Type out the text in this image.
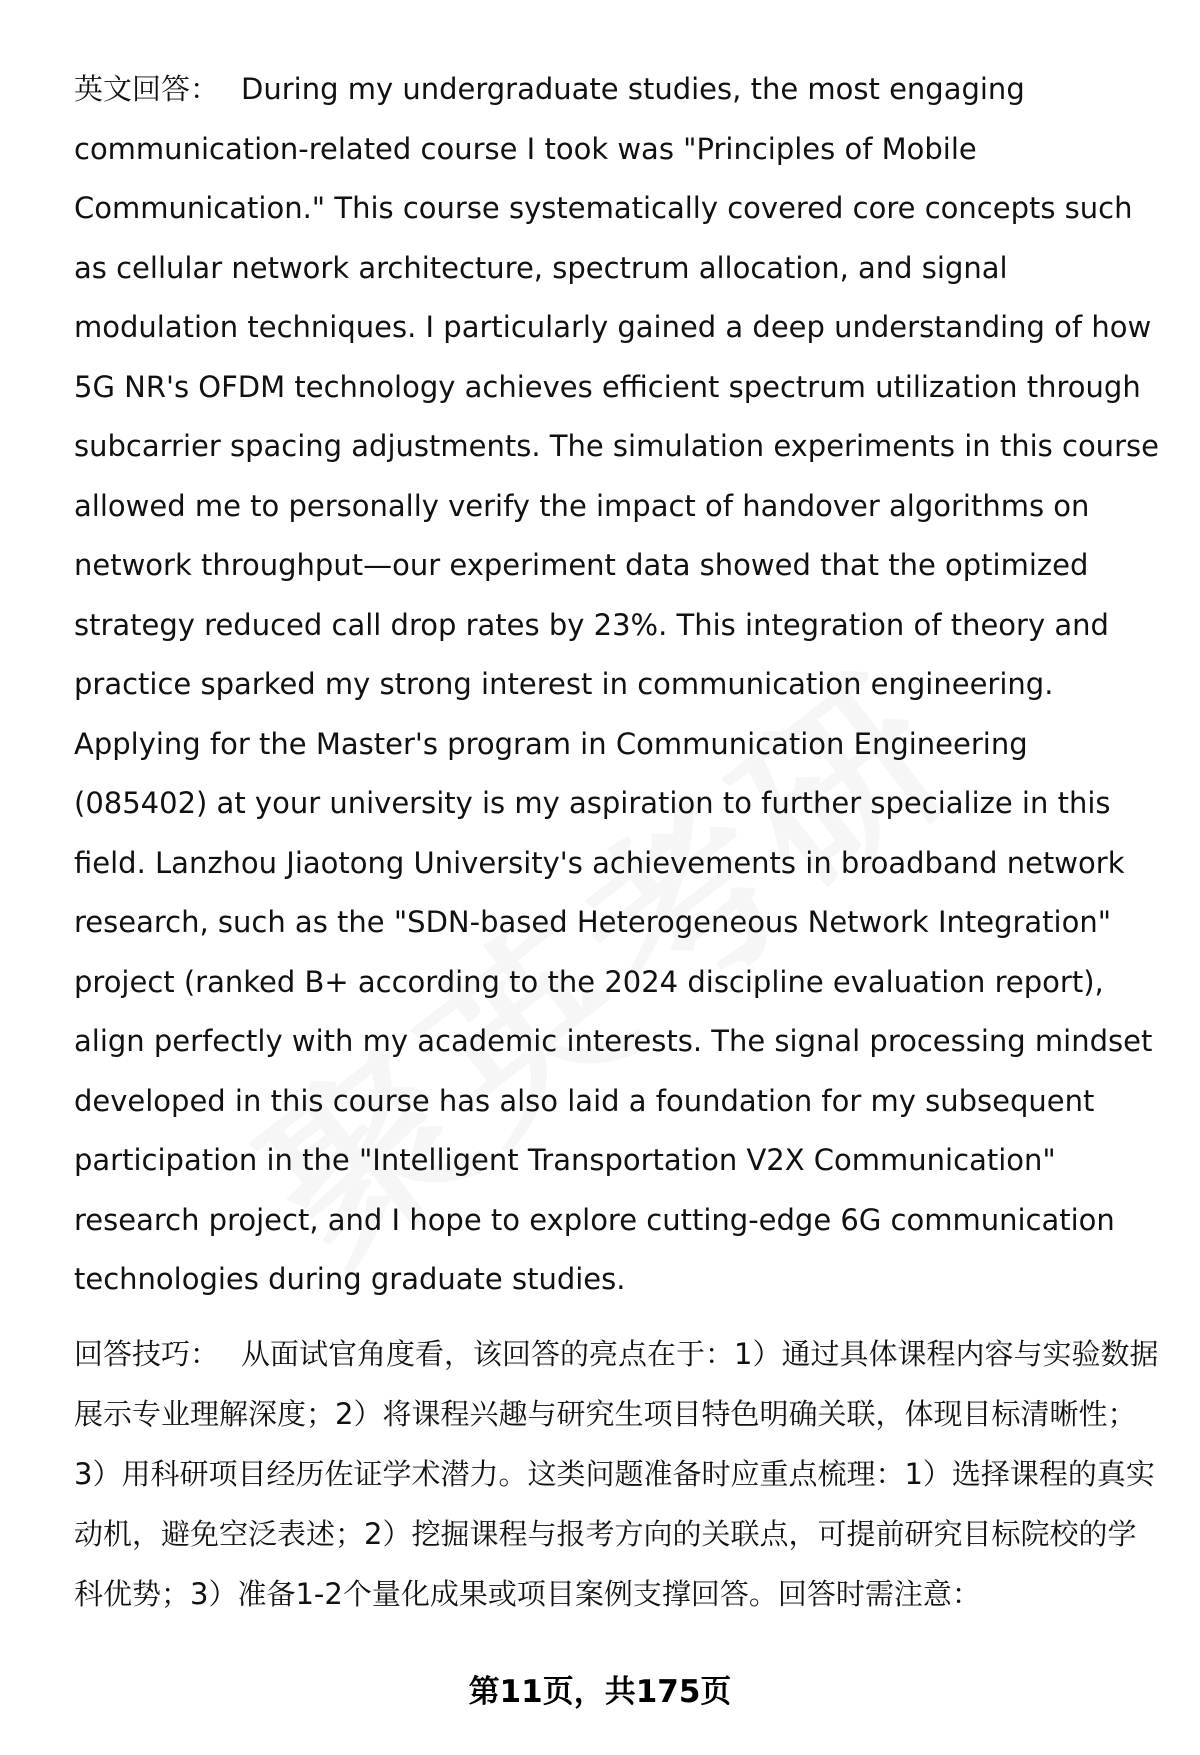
英文回答： During my undergraduate studies, the most engaging communication-related course I took was "Principles of Mobile Communication." This course systematically covered core concepts such as cellular network architecture, spectrum allocation, and signal modulation techniques. I particularly gained a deep understanding of how 5G NR's OFDM technology achieves efficient spectrum utilization through subcarrier spacing adjustments. The simulation experiments in this course allowed me to personally verify the impact of handover algorithms on network throughput—our experiment data showed that the optimized strategy reduced call drop rates by 23%. This integration of theory and practice sparked my strong interest in communication engineering. Applying for the Master's program in Communication Engineering (085402) at your university is my aspiration to further specialize in this field. Lanzhou Jiaotong University's achievements in broadband network research, such as the "SDN-based Heterogeneous Network Integration" project (ranked B+ according to the 2024 discipline evaluation report), align perfectly with my academic interests. The signal processing mindset developed in this course has also laid a foundation for my subsequent participation in the "Intelligent Transportation V2X Communication" research project, and I hope to explore cutting-edge 6G communication technologies during graduate studies.

回答技巧： 从面试官角度看，该回答的亮点在于：1）通过具体课程内容与实验数据展示专业理解深度；2）将课程兴趣与研究生项目特色明确关联，体现目标清晰性；3）用科研项目经历佐证学术潜力。这类问题准备时应重点梳理：1）选择课程的真实动机，避免空泛表述；2）挖掘课程与报考方向的关联点，可提前研究目标院校的学科优势；3）准备1-2个量化成果或项目案例支撑回答。回答时需注意：

第11页，共175页
